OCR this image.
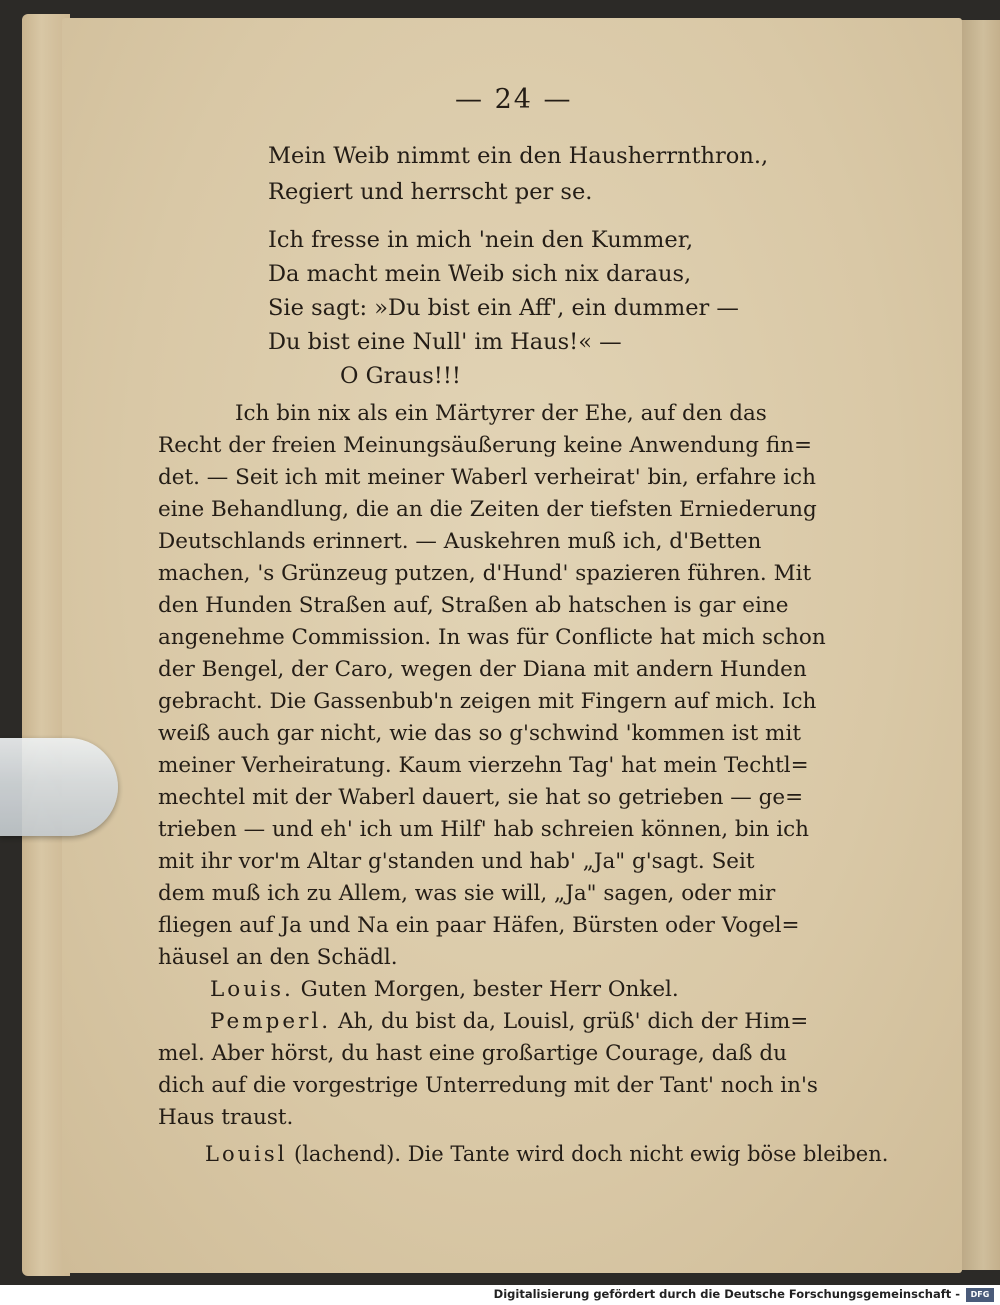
— 24 —
Mein Weib nimmt ein den Hausherrnthron.,
Regiert und herrscht per se.
Ich fresse in mich 'nein den Kummer,
Da macht mein Weib sich nix daraus,
Sie sagt: »Du bist ein Aff', ein dummer —
Du bist eine Null' im Haus!« —
O Graus!!!
Ich bin nix als ein Märtyrer der Ehe, auf den das
Recht der freien Meinungsäußerung keine Anwendung fin=
det. — Seit ich mit meiner Waberl verheirat' bin, erfahre ich
eine Behandlung, die an die Zeiten der tiefsten Erniederung
Deutschlands erinnert. — Auskehren muß ich, d'Betten
machen, 's Grünzeug putzen, d'Hund' spazieren führen. Mit
den Hunden Straßen auf, Straßen ab hatschen is gar eine
angenehme Commission. In was für Conflicte hat mich schon
der Bengel, der Caro, wegen der Diana mit andern Hunden
gebracht. Die Gassenbub'n zeigen mit Fingern auf mich. Ich
weiß auch gar nicht, wie das so g'schwind 'kommen ist mit
meiner Verheiratung. Kaum vierzehn Tag' hat mein Techtl=
mechtel mit der Waberl dauert, sie hat so getrieben — ge=
trieben — und eh' ich um Hilf' hab schreien können, bin ich
mit ihr vor'm Altar g'standen und hab' „Ja" g'sagt. Seit
dem muß ich zu Allem, was sie will, „Ja" sagen, oder mir
fliegen auf Ja und Na ein paar Häfen, Bürsten oder Vogel=
häusel an den Schädl.
Louis. Guten Morgen, bester Herr Onkel.
Pemperl. Ah, du bist da, Louisl, grüß' dich der Him=
mel. Aber hörst, du hast eine großartige Courage, daß du
dich auf die vorgestrige Unterredung mit der Tant' noch in's
Haus traust.
Louisl (lachend). Die Tante wird doch nicht ewig böse bleiben.
Digitalisierung gefördert durch die Deutsche Forschungsgemeinschaft -	DFG
